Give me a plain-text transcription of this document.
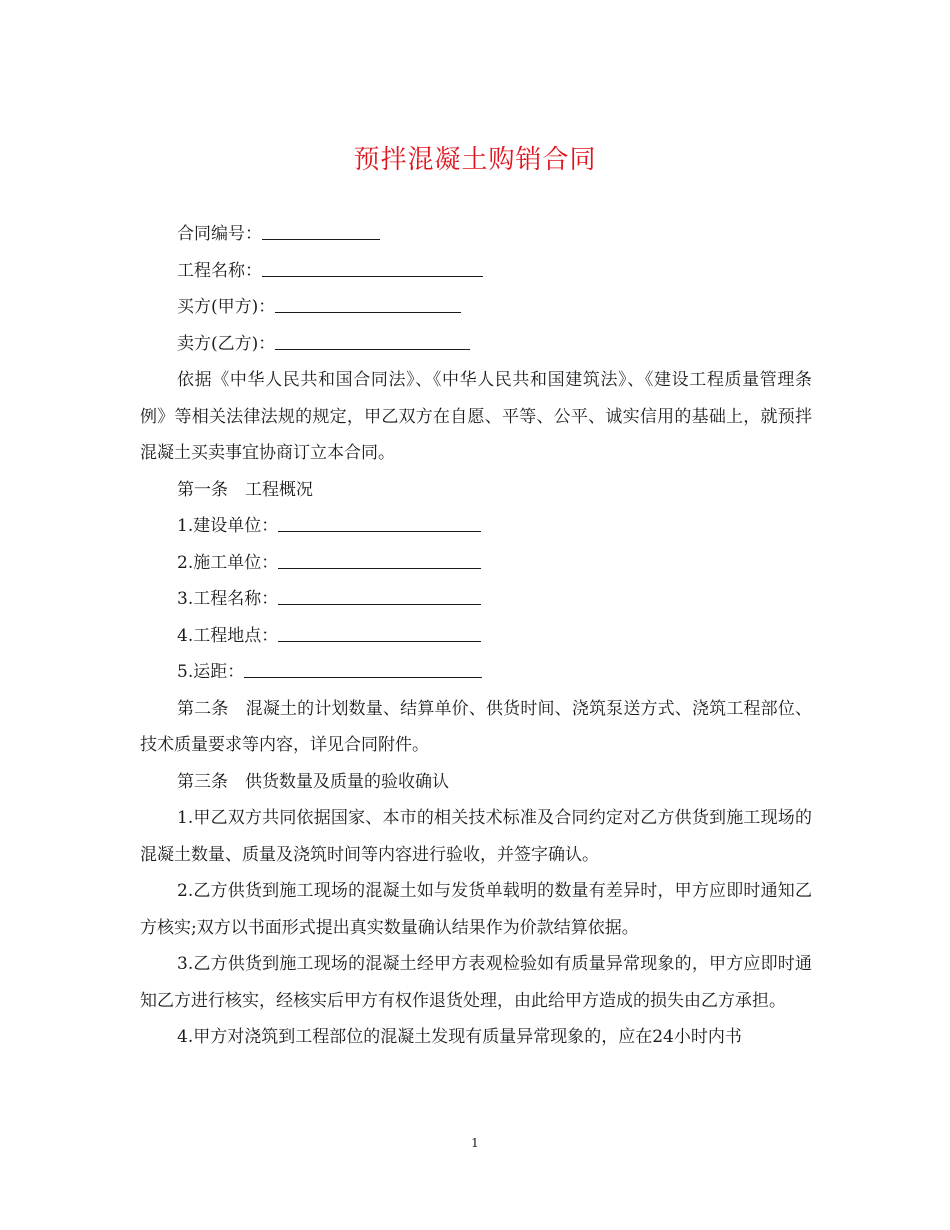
预拌混凝土购销合同
合同编号：
工程名称：
买方(甲方)：
卖方(乙方)：
依据《中华人民共和国合同法》、《中华人民共和国建筑法》、《建设工程质量管理条例》等相关法律法规的规定，甲乙双方在自愿、平等、公平、诚实信用的基础上，就预拌混凝土买卖事宜协商订立本合同。
第一条　工程概况
1.建设单位：
2.施工单位：
3.工程名称：
4.工程地点：
5.运距：
第二条　混凝土的计划数量、结算单价、供货时间、浇筑泵送方式、浇筑工程部位、技术质量要求等内容，详见合同附件。
第三条　供货数量及质量的验收确认
1.甲乙双方共同依据国家、本市的相关技术标准及合同约定对乙方供货到施工现场的混凝土数量、质量及浇筑时间等内容进行验收，并签字确认。
2.乙方供货到施工现场的混凝土如与发货单载明的数量有差异时，甲方应即时通知乙方核实;双方以书面形式提出真实数量确认结果作为价款结算依据。
3.乙方供货到施工现场的混凝土经甲方表观检验如有质量异常现象的，甲方应即时通知乙方进行核实，经核实后甲方有权作退货处理，由此给甲方造成的损失由乙方承担。
4.甲方对浇筑到工程部位的混凝土发现有质量异常现象的，应在24小时内书
1
